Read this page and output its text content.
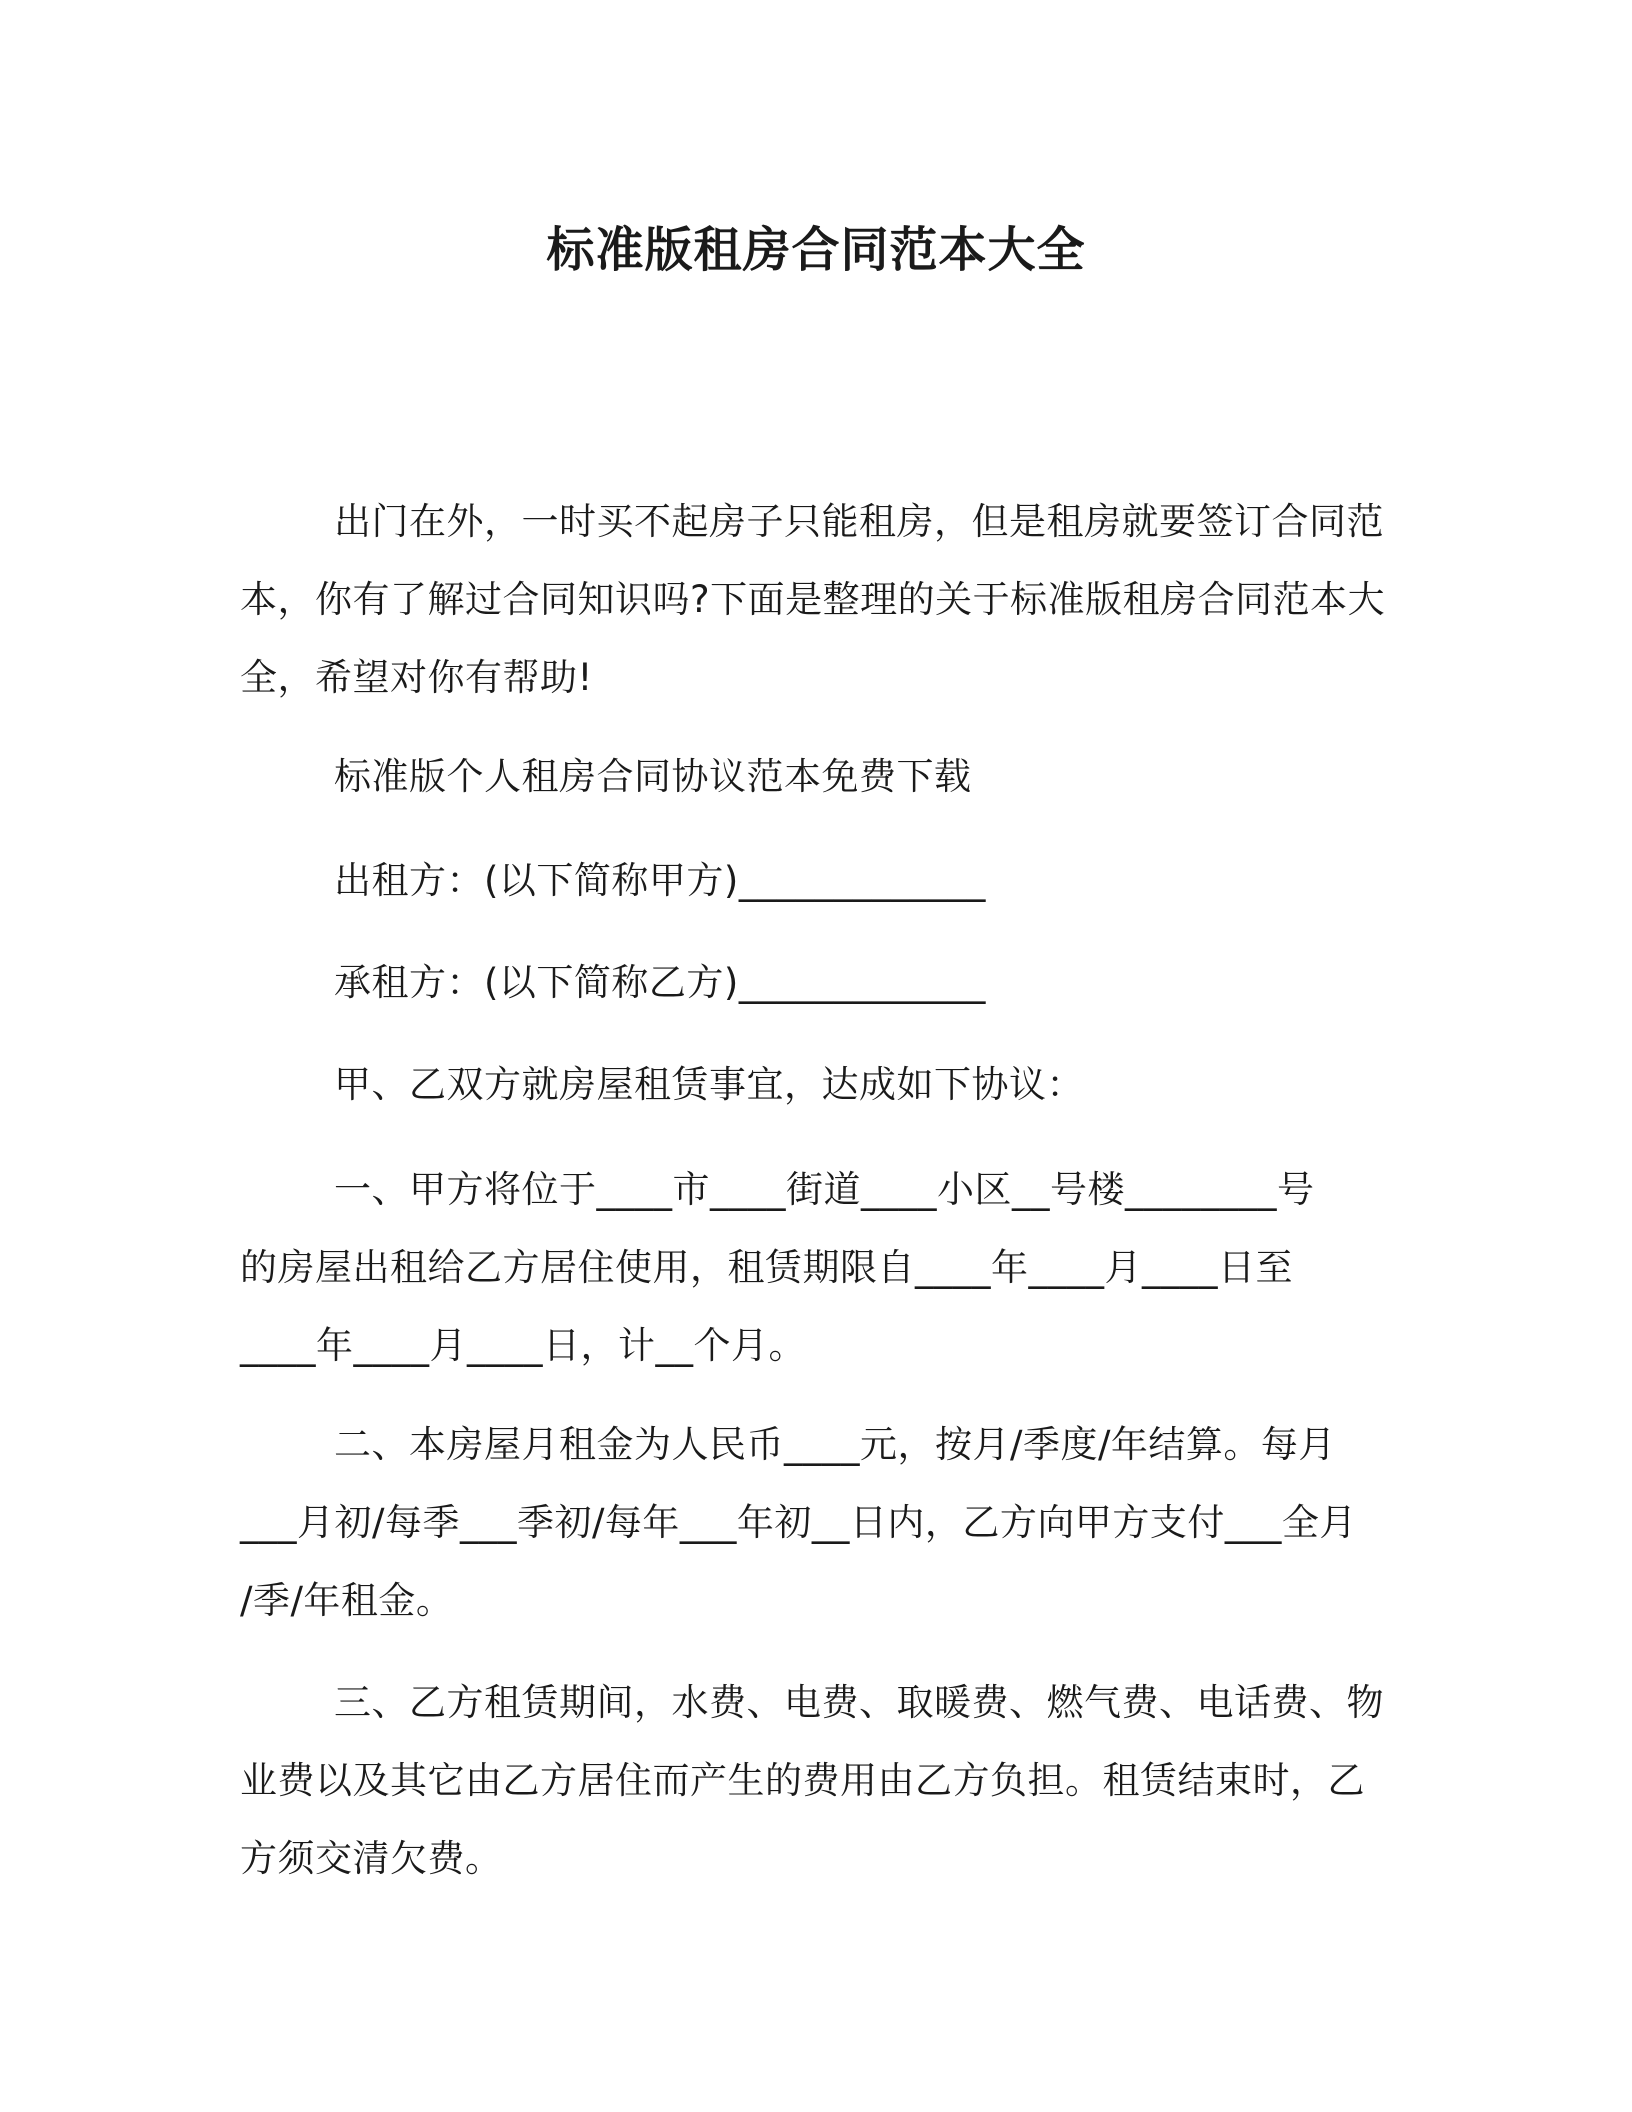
标准版租房合同范本大全

出门在外，一时买不起房子只能租房，但是租房就要签订合同范
本，你有了解过合同知识吗?下面是整理的关于标准版租房合同范本大
全，希望对你有帮助!

标准版个人租房合同协议范本免费下载

出租方：(以下简称甲方)_____________

承租方：(以下简称乙方)_____________

甲、乙双方就房屋租赁事宜，达成如下协议：

一、甲方将位于____市____街道____小区__号楼________号
的房屋出租给乙方居住使用，租赁期限自____年____月____日至
____年____月____日，计__个月。

二、本房屋月租金为人民币____元，按月/季度/年结算。每月
___月初/每季___季初/每年___年初__日内，乙方向甲方支付___全月
/季/年租金。

三、乙方租赁期间，水费、电费、取暖费、燃气费、电话费、物
业费以及其它由乙方居住而产生的费用由乙方负担。租赁结束时，乙
方须交清欠费。
